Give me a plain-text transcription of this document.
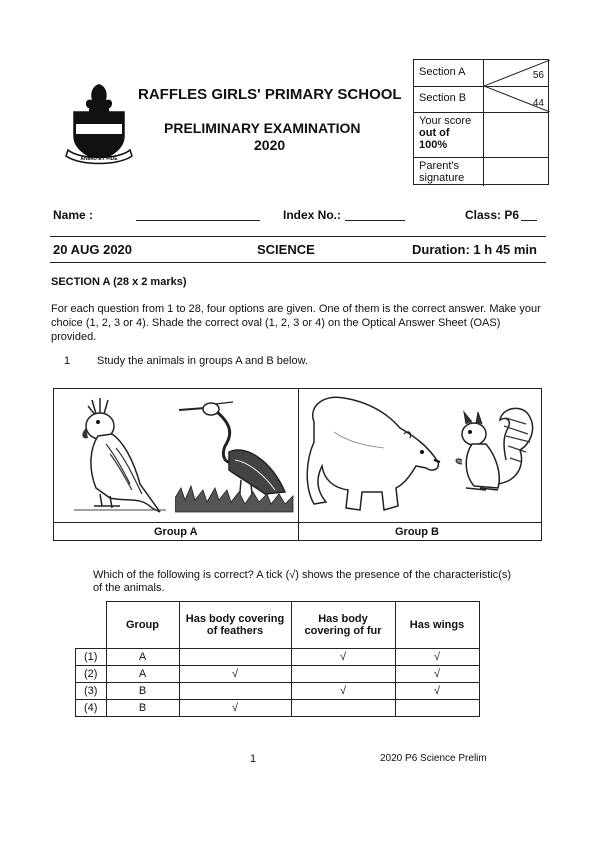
ANIMO ET FIDE
RAFFLES GIRLS' PRIMARY SCHOOL
PRELIMINARY EXAMINATION
2020
Section A	56
Section B	44
Your score
out of
100%
Parent's
signature
Name :	Index No.:	Class: P6
20 AUG 2020	SCIENCE	Duration: 1 h 45 min
SECTION A (28 x 2 marks)
For each question from 1 to 28, four options are given. One of them is the correct answer. Make your choice (1, 2, 3 or 4). Shade the correct oval (1, 2, 3 or 4) on the Optical Answer Sheet (OAS) provided.
1 Study the animals in groups A and B below.
Group A	Group B
Which of the following is correct? A tick (√) shows the presence of the characteristic(s) of the animals.
	Group	Has body covering of feathers	Has body covering of fur	Has wings
(1)	A		√	√
(2)	A	√		√
(3)	B		√	√
(4)	B	√		
1	2020 P6 Science Prelim
